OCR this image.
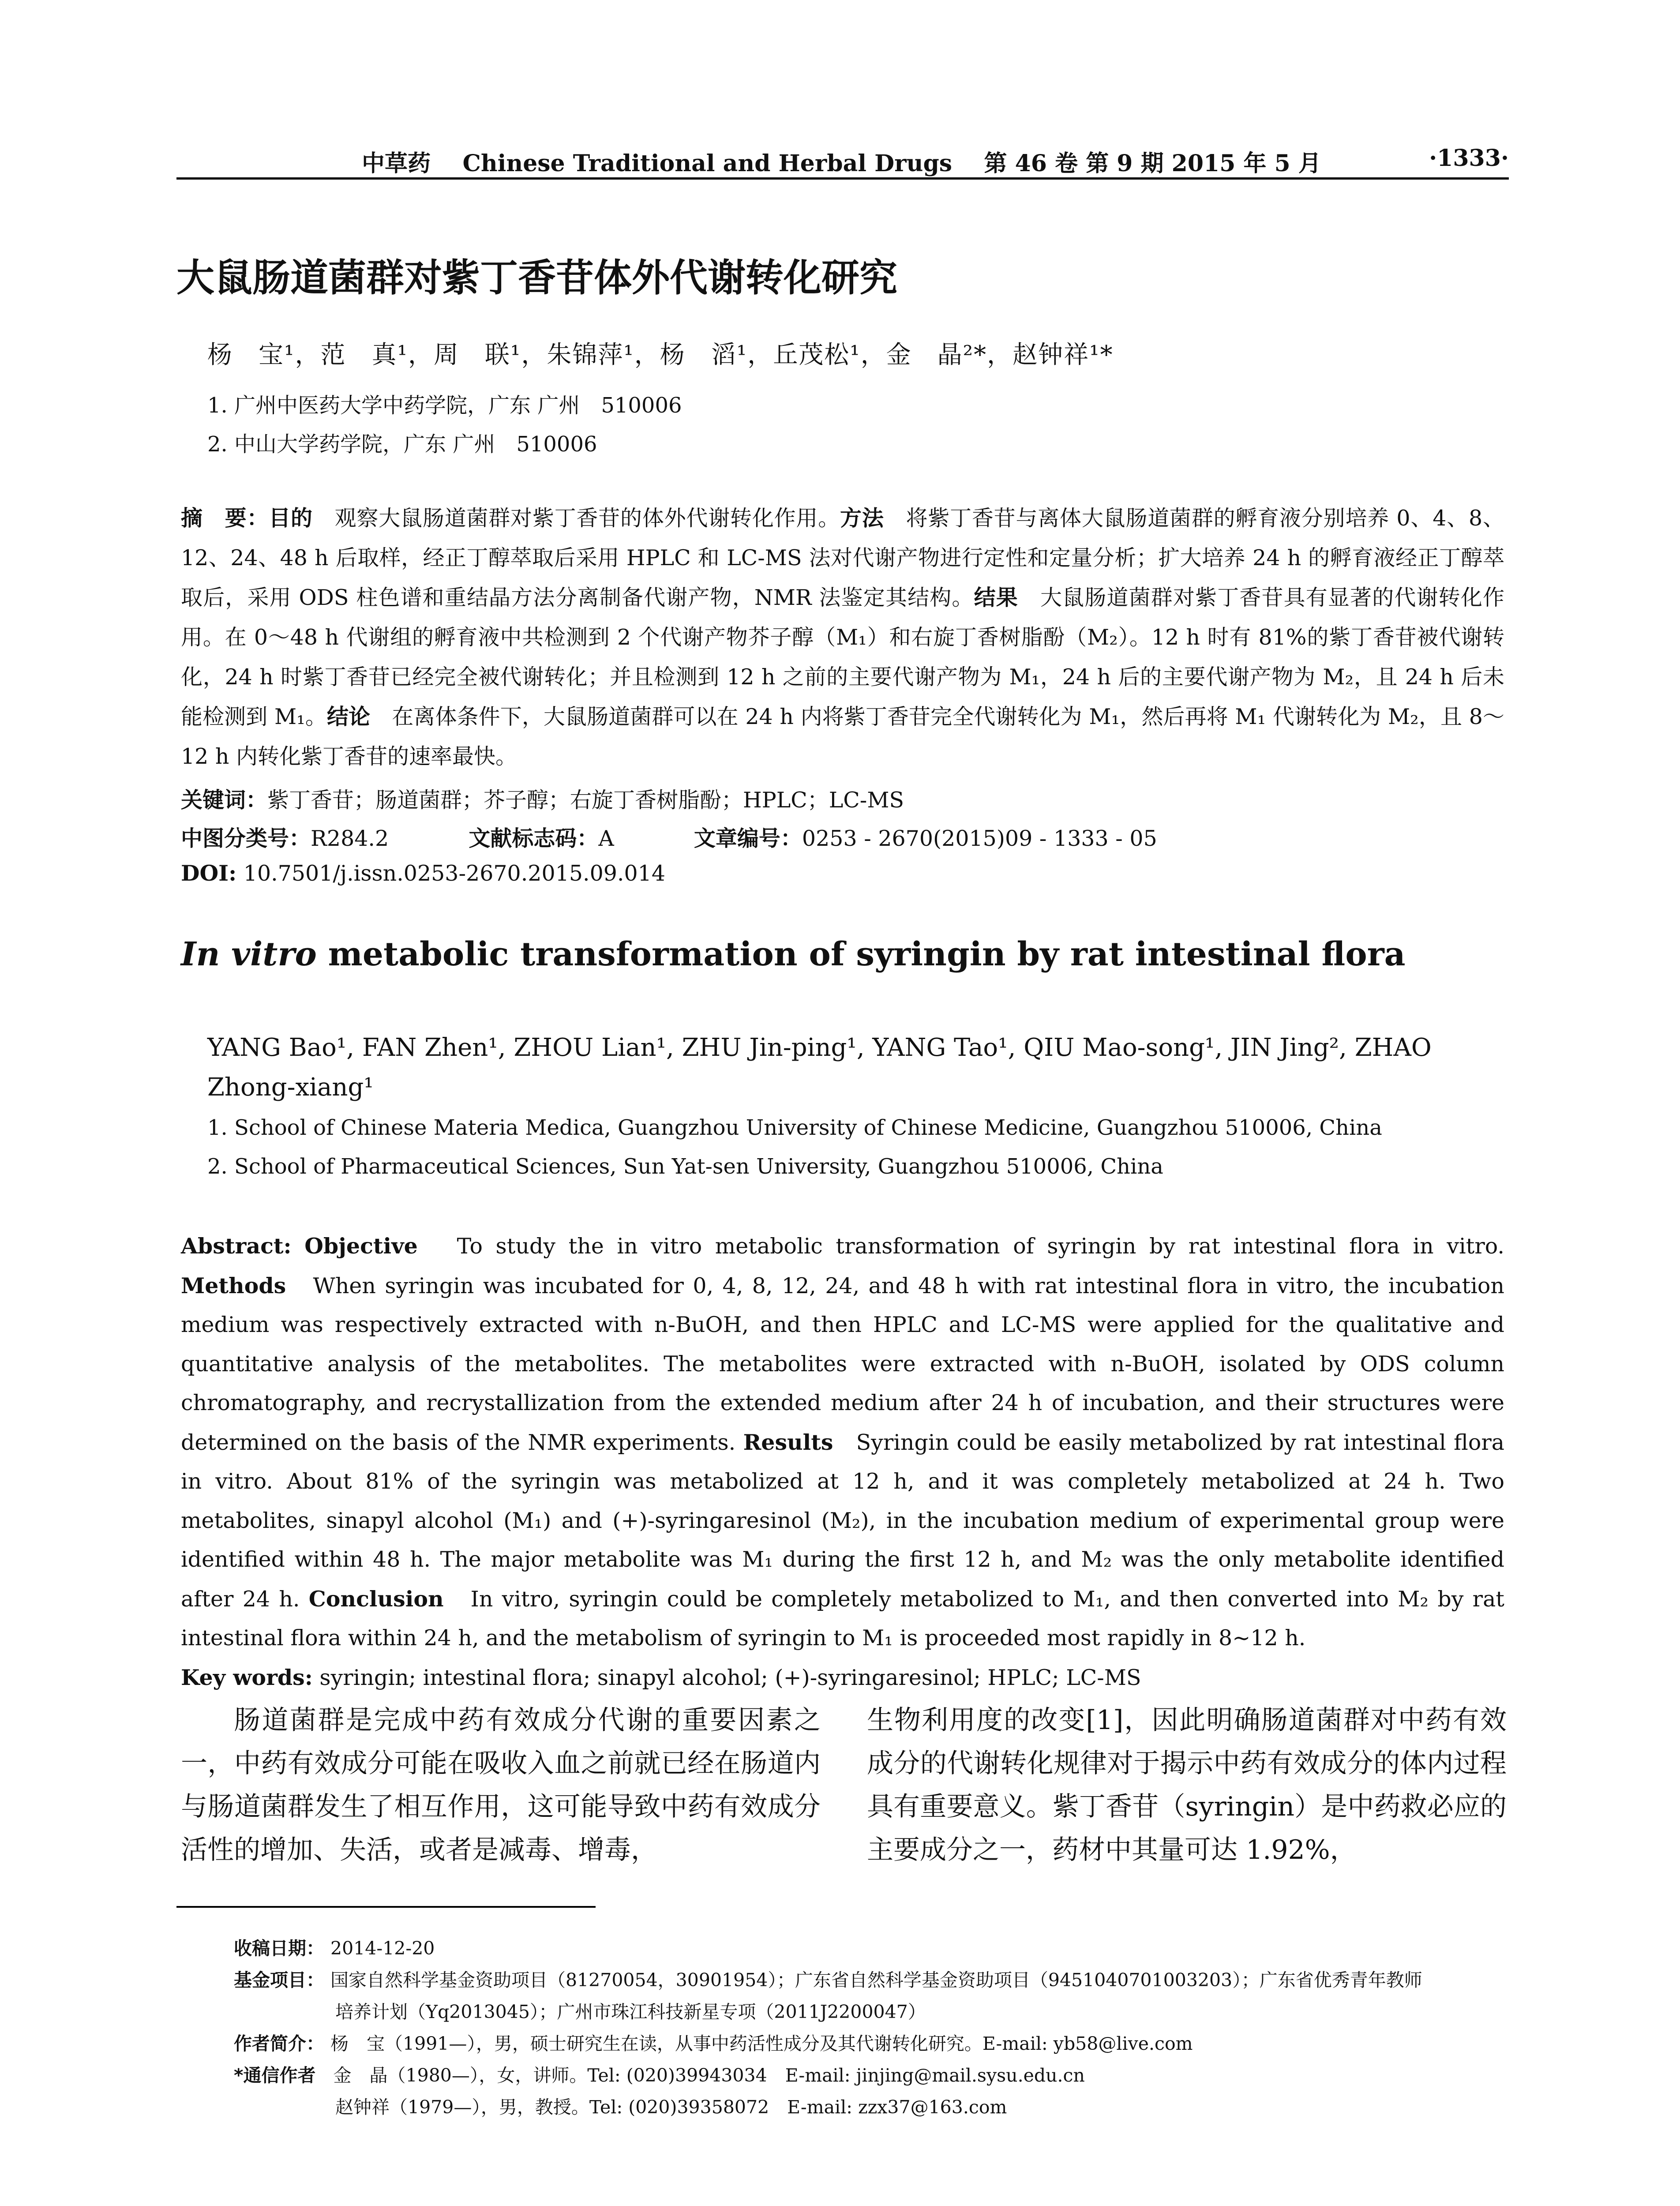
中草药 Chinese Traditional and Herbal Drugs 第 46 卷 第 9 期 2015 年 5 月	·1333·
大鼠肠道菌群对紫丁香苷体外代谢转化研究
杨　宝¹，范　真¹，周　联¹，朱锦萍¹，杨　滔¹，丘茂松¹，金　晶²*，赵钟祥¹*
1. 广州中医药大学中药学院，广东 广州　510006
2. 中山大学药学院，广东 广州　510006

摘　要：目的　 观察大鼠肠道菌群对紫丁香苷的体外代谢转化作用。方法　 将紫丁香苷与离体大鼠肠道菌群的孵育液分别培养 0、4、8、12、24、48 h 后取样，经正丁醇萃取后采用 HPLC 和 LC-MS 法对代谢产物进行定性和定量分析；扩大培养 24 h 的孵育液经正丁醇萃取后，采用 ODS 柱色谱和重结晶方法分离制备代谢产物，NMR 法鉴定其结构。结果　 大鼠肠道菌群对紫丁香苷具有显著的代谢转化作用。在 0～48 h 代谢组的孵育液中共检测到 2 个代谢产物芥子醇（M₁）和右旋丁香树脂酚（M₂）。12 h 时有 81%的紫丁香苷被代谢转化，24 h 时紫丁香苷已经完全被代谢转化；并且检测到 12 h 之前的主要代谢产物为 M₁，24 h 后的主要代谢产物为 M₂，且 24 h 后未能检测到 M₁。结论　 在离体条件下，大鼠肠道菌群可以在 24 h 内将紫丁香苷完全代谢转化为 M₁，然后再将 M₁ 代谢转化为 M₂，且 8～12 h 内转化紫丁香苷的速率最快。

关键词：紫丁香苷；肠道菌群；芥子醇；右旋丁香树脂酚；HPLC；LC-MS
中图分类号：R284.2	文献标志码：A	文章编号：0253 - 2670(2015)09 - 1333 - 05
DOI: 10.7501/j.issn.0253-2670.2015.09.014
In vitro metabolic transformation of syringin by rat intestinal flora
YANG Bao¹, FAN Zhen¹, ZHOU Lian¹, ZHU Jin-ping¹, YANG Tao¹, QIU Mao-song¹, JIN Jing², ZHAO
Zhong-xiang¹
1. School of Chinese Materia Medica, Guangzhou University of Chinese Medicine, Guangzhou 510006, China
2. School of Pharmaceutical Sciences, Sun Yat-sen University, Guangzhou 510006, China

Abstract: Objective To study the in vitro metabolic transformation of syringin by rat intestinal flora in vitro. Methods When syringin was incubated for 0, 4, 8, 12, 24, and 48 h with rat intestinal flora in vitro, the incubation medium was respectively extracted with n-BuOH, and then HPLC and LC-MS were applied for the qualitative and quantitative analysis of the metabolites. The metabolites were extracted with n-BuOH, isolated by ODS column chromatography, and recrystallization from the extended medium after 24 h of incubation, and their structures were determined on the basis of the NMR experiments. Results Syringin could be easily metabolized by rat intestinal flora in vitro. About 81% of the syringin was metabolized at 12 h, and it was completely metabolized at 24 h. Two metabolites, sinapyl alcohol (M₁) and (+)-syringaresinol (M₂), in the incubation medium of experimental group were identified within 48 h. The major metabolite was M₁ during the first 12 h, and M₂ was the only metabolite identified after 24 h. Conclusion In vitro, syringin could be completely metabolized to M₁, and then converted into M₂ by rat intestinal flora within 24 h, and the metabolism of syringin to M₁ is proceeded most rapidly in 8~12 h.

Key words: syringin; intestinal flora; sinapyl alcohol; (+)-syringaresinol; HPLC; LC-MS

肠道菌群是完成中药有效成分代谢的重要因素之一，中药有效成分可能在吸收入血之前就已经在肠道内与肠道菌群发生了相互作用，这可能导致中药有效成分活性的增加、失活，或者是减毒、增毒，

生物利用度的改变[1]，因此明确肠道菌群对中药有效成分的代谢转化规律对于揭示中药有效成分的体内过程具有重要意义。紫丁香苷（syringin）是中药救必应的主要成分之一，药材中其量可达 1.92%，

收稿日期： 2014-12-20
基金项目： 国家自然科学基金资助项目（81270054，30901954）；广东省自然科学基金资助项目（9451040701003203）；广东省优秀青年教师
培养计划（Yq2013045）；广州市珠江科技新星专项（2011J2200047）
作者简介： 杨　宝（1991—），男，硕士研究生在读，从事中药活性成分及其代谢转化研究。E-mail: yb58@live.com
*通信作者
金　晶（1980—），女，讲师。Tel: (020)39943034　E-mail: jinjing@mail.sysu.edu.cn
赵钟祥（1979—），男，教授。Tel: (020)39358072　E-mail: zzx37@163.com
